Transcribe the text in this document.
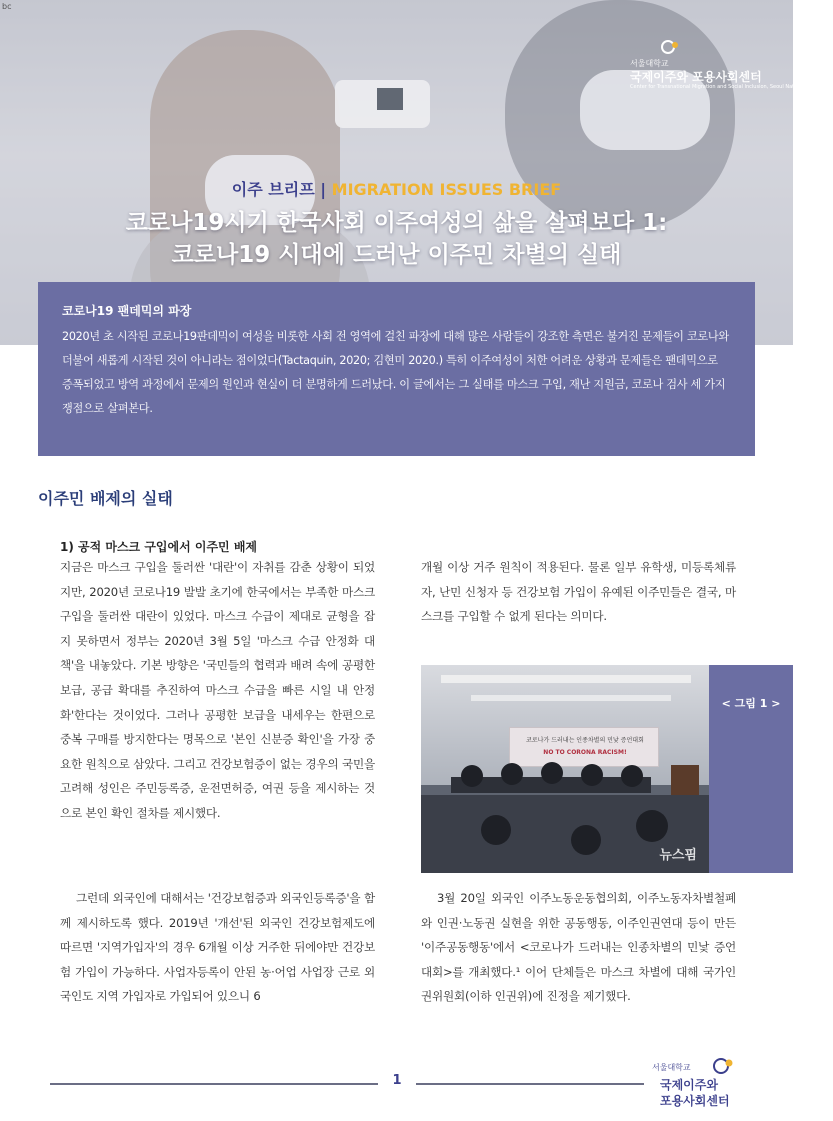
bc
서울대학교
국제이주와 포용사회센터
Center for Transnational Migration and Social Inclusion, Seoul National University
이주 브리프 | MIGRATION ISSUES BRIEF
코로나19시기 한국사회 이주여성의 삶을 살펴보다 1:
코로나19 시대에 드러난 이주민 차별의 실태
코로나19 팬데믹의 파장
2020년 초 시작된 코로나19판데믹이 여성을 비롯한 사회 전 영역에 걸친 파장에 대해 많은 사람들이 강조한 측면은 불거진 문제들이 코로나와 더불어 새롭게 시작된 것이 아니라는 점이었다(Tactaquin, 2020; 김현미 2020.) 특히 이주여성이 처한 어려운 상황과 문제들은 팬데믹으로 증폭되었고 방역 과정에서 문제의 원인과 현실이 더 분명하게 드러났다. 이 글에서는 그 실태를 마스크 구입, 재난 지원금, 코로나 검사 세 가지 쟁점으로 살펴본다.
이주민 배제의 실태
1) 공적 마스크 구입에서 이주민 배제
지금은 마스크 구입을 둘러싼 '대란'이 자취를 감춘 상황이 되었지만, 2020년 코로나19 발발 초기에 한국에서는 부족한 마스크 구입을 둘러싼 대란이 있었다. 마스크 수급이 제대로 균형을 잡지 못하면서 정부는 2020년 3월 5일 '마스크 수급 안정화 대책'을 내놓았다. 기본 방향은 '국민들의 협력과 배려 속에 공평한 보급, 공급 확대를 추진하여 마스크 수급을 빠른 시일 내 안정화'한다는 것이었다. 그러나 공평한 보급을 내세우는 한편으로 중복 구매를 방지한다는 명목으로 '본인 신분증 확인'을 가장 중요한 원칙으로 삼았다. 그리고 건강보험증이 없는 경우의 국민을 고려해 성인은 주민등록증, 운전면허증, 여권 등을 제시하는 것으로 본인 확인 절차를 제시했다.
그런데 외국인에 대해서는 '건강보험증과 외국인등록증'을 함께 제시하도록 했다. 2019년 '개선'된 외국인 건강보험제도에 따르면 '지역가입자'의 경우 6개월 이상 거주한 뒤에야만 건강보험 가입이 가능하다. 사업자등록이 안된 농·어업 사업장 근로 외국인도 지역 가입자로 가입되어 있으니 6
개월 이상 거주 원칙이 적용된다. 물론 일부 유학생, 미등록체류자, 난민 신청자 등 건강보험 가입이 유예된 이주민들은 결국, 마스크를 구입할 수 없게 된다는 의미다.
코로나가 드러내는 인종차별의 민낯 증언대회
NO TO CORONA RACISM!
뉴스핌
< 그림 1 >
3월 20일 외국인 이주노동운동협의회, 이주노동자차별철폐와 인권·노동권 실현을 위한 공동행동, 이주인권연대 등이 만든 '이주공동행동'에서 <코로나가 드러내는 인종차별의 민낯 증언대회>를 개최했다.¹ 이어 단체들은 마스크 차별에 대해 국가인권위원회(이하 인권위)에 진정을 제기했다.
1
서울대학교
국제이주와
포용사회센터
